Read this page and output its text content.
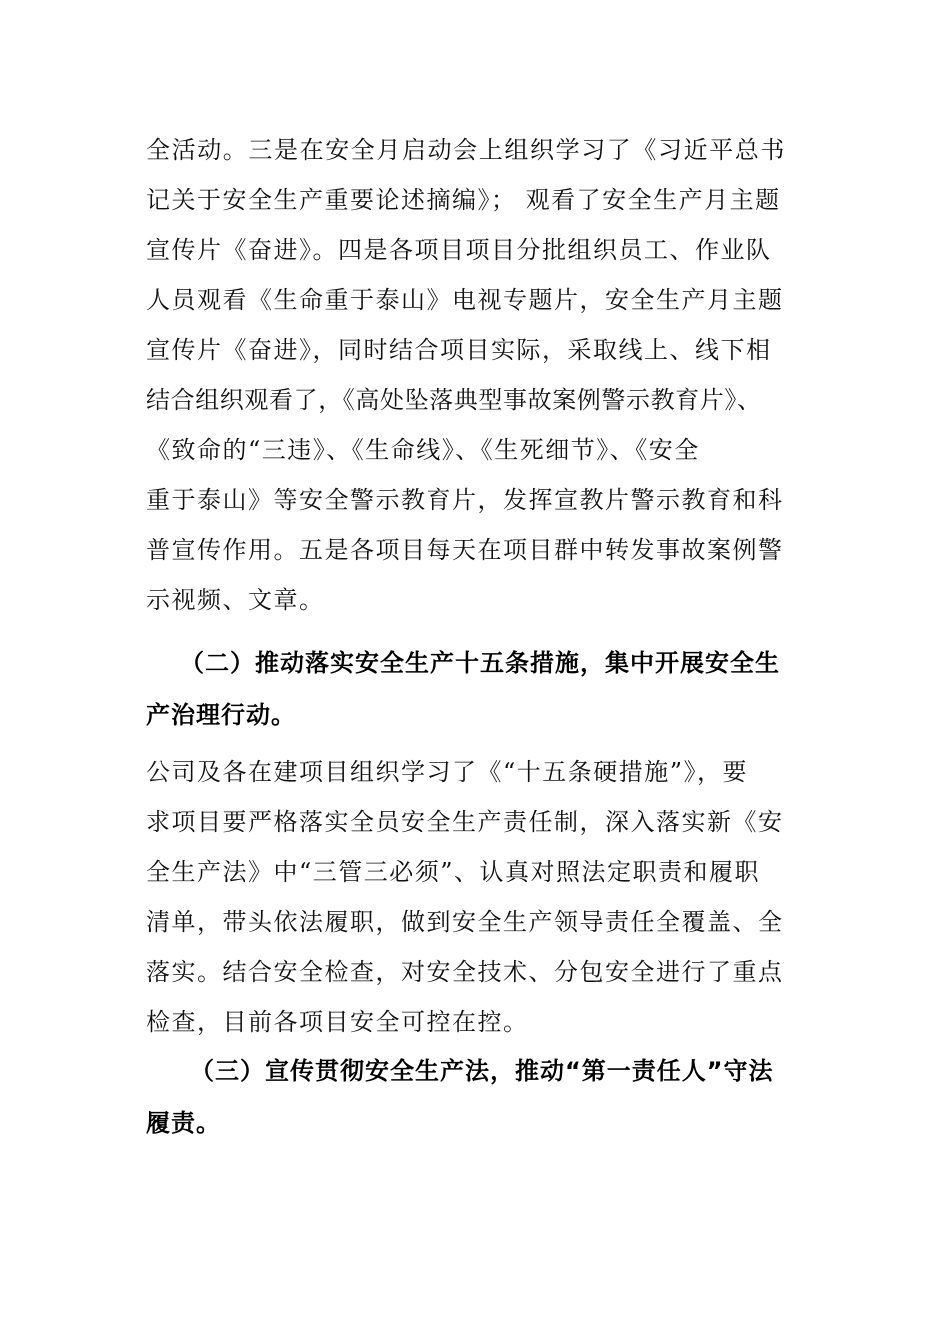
全活动。三是在安全月启动会上组织学习了《习近平总书
记关于安全生产重要论述摘编》； 观看了安全生产月主题
宣传片《奋进》。四是各项目项目分批组织员工、作业队
人员观看《生命重于泰山》电视专题片，安全生产月主题
宣传片《奋进》，同时结合项目实际，采取线上、线下相
结合组织观看了，《高处坠落典型事故案例警示教育片》、
《致命的“三违》、《生命线》、《生死细节》、《安全
重于泰山》等安全警示教育片，发挥宣教片警示教育和科
普宣传作用。五是各项目每天在项目群中转发事故案例警
示视频、文章。
（二）推动落实安全生产十五条措施，集中开展安全生
产治理行动。
公司及各在建项目组织学习了《“十五条硬措施”》，要
求项目要严格落实全员安全生产责任制，深入落实新《安
全生产法》中“三管三必须”、认真对照法定职责和履职
清单，带头依法履职，做到安全生产领导责任全覆盖、全
落实。结合安全检查，对安全技术、分包安全进行了重点
检查，目前各项目安全可控在控。
（三）宣传贯彻安全生产法，推动“第一责任人”守法
履责。
